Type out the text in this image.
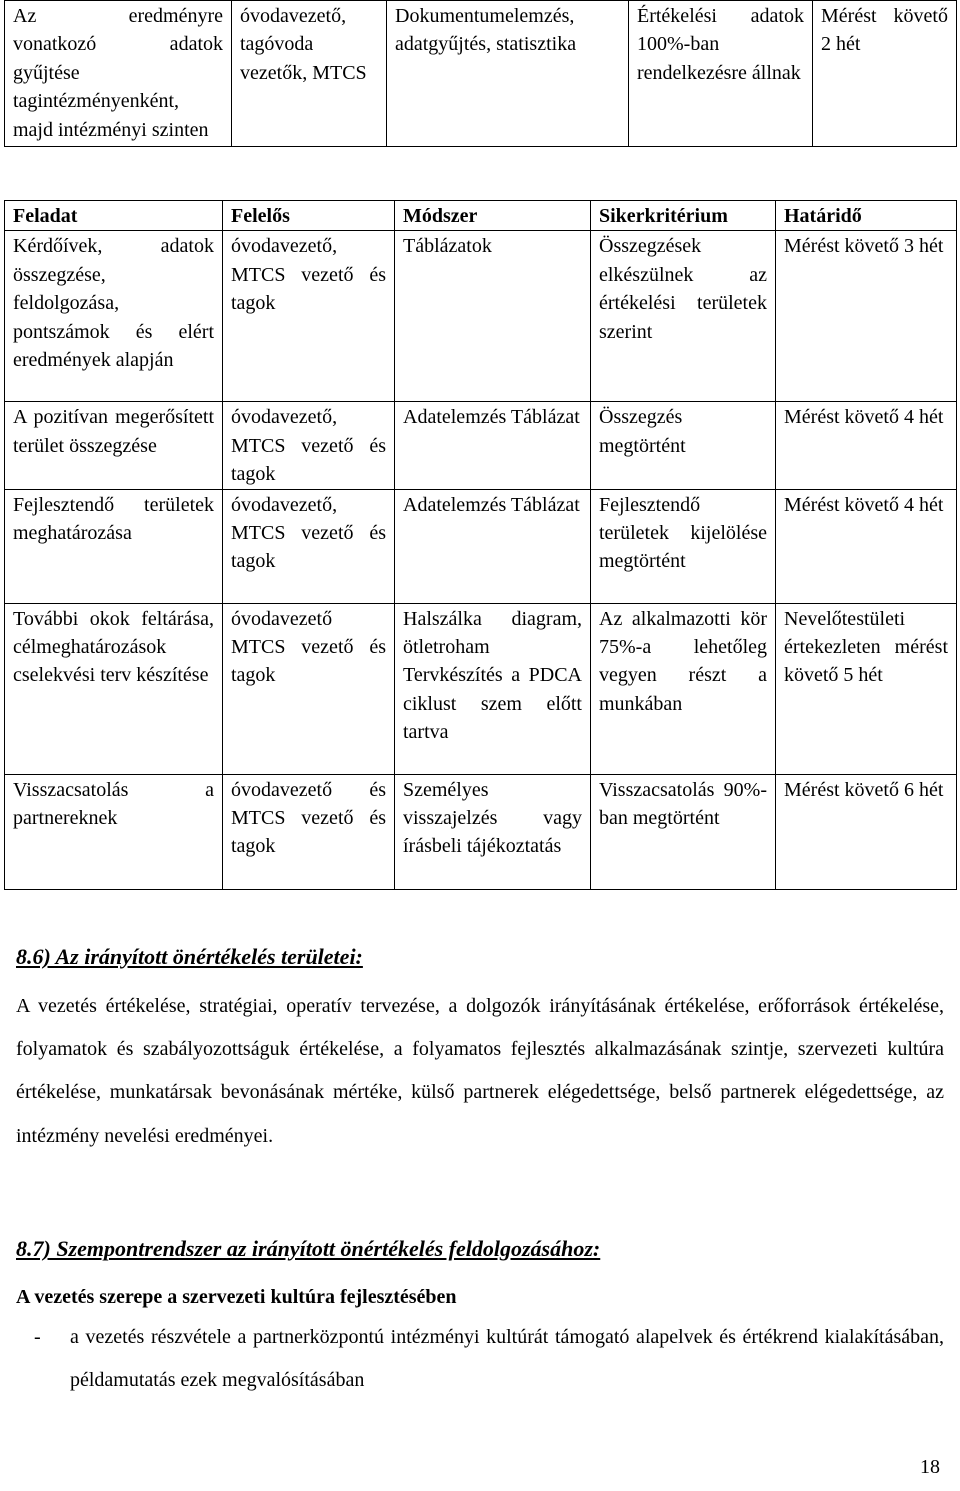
Az eredményre vonatkozó adatok gyűjtése tagintézményenként, majd intézményi szinten	óvodavezető, tagóvoda vezetők, MTCS	Dokumentumelemzés, adatgyűjtés, statisztika	Értékelési adatok 100%-ban rendelkezésre állnak	Mérést követő 2 hét
Feladat	Felelős	Módszer	Sikerkritérium	Határidő
Kérdőívek, adatok összegzése, feldolgozása, pontszámok és elért eredmények alapján	óvodavezető, MTCS vezető és tagok	Táblázatok	Összegzések elkészülnek az értékelési területek szerint	Mérést követő 3 hét
A pozitívan megerősített terület összegzése	óvodavezető, MTCS vezető és tagok	Adatelemzés Táblázat	Összegzés megtörtént	Mérést követő 4 hét
Fejlesztendő területek meghatározása	óvodavezető, MTCS vezető és tagok	Adatelemzés Táblázat	Fejlesztendő területek kijelölése megtörtént	Mérést követő 4 hét
További okok feltárása, célmeghatározások cselekvési terv készítése	óvodavezető MTCS vezető és tagok	Halszálka diagram, ötletroham Tervkészítés a PDCA ciklust szem előtt tartva	Az alkalmazotti kör 75%-a lehetőleg vegyen részt a munkában	Nevelőtestületi értekezleten mérést követő 5 hét
Visszacsatolás a partnereknek	óvodavezető és MTCS vezető és tagok	Személyes visszajelzés vagy írásbeli tájékoztatás	Visszacsatolás 90%-ban megtörtént	Mérést követő 6 hét
8.6) Az irányított önértékelés területei:

A vezetés értékelése, stratégiai, operatív tervezése, a dolgozók irányításának értékelése, erőforrások értékelése, folyamatok és szabályozottságuk értékelése, a folyamatos fejlesztés alkalmazásának szintje, szervezeti kultúra értékelése, munkatársak bevonásának mértéke, külső partnerek elégedettsége, belső partnerek elégedettsége, az intézmény nevelési eredményei.

8.7) Szempontrendszer az irányított önértékelés feldolgozásához:

A vezetés szerepe a szervezeti kultúra fejlesztésében

- a vezetés részvétele a partnerközpontú intézményi kultúrát támogató alapelvek és értékrend kialakításában, példamutatás ezek megvalósításában
18
